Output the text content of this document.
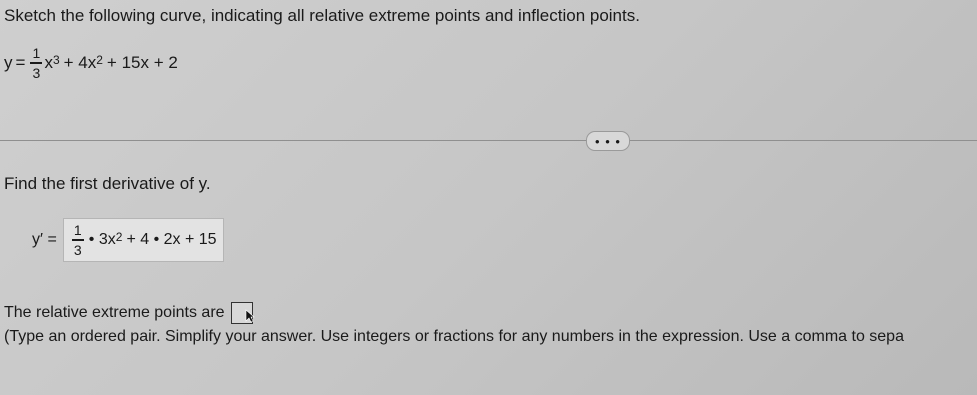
Sketch the following curve, indicating all relative extreme points and inflection points.
$y = \frac{1}{3} x^3 + 4x^2 + 15x + 2$
• • •
Find the first derivative of y.
$y' = \frac{1}{3}$ • $3x^2 + 4$ • 2x + 15
The relative extreme points are
(Type an ordered pair. Simplify your answer. Use integers or fractions for any numbers in the expression. Use a comma to sepa
